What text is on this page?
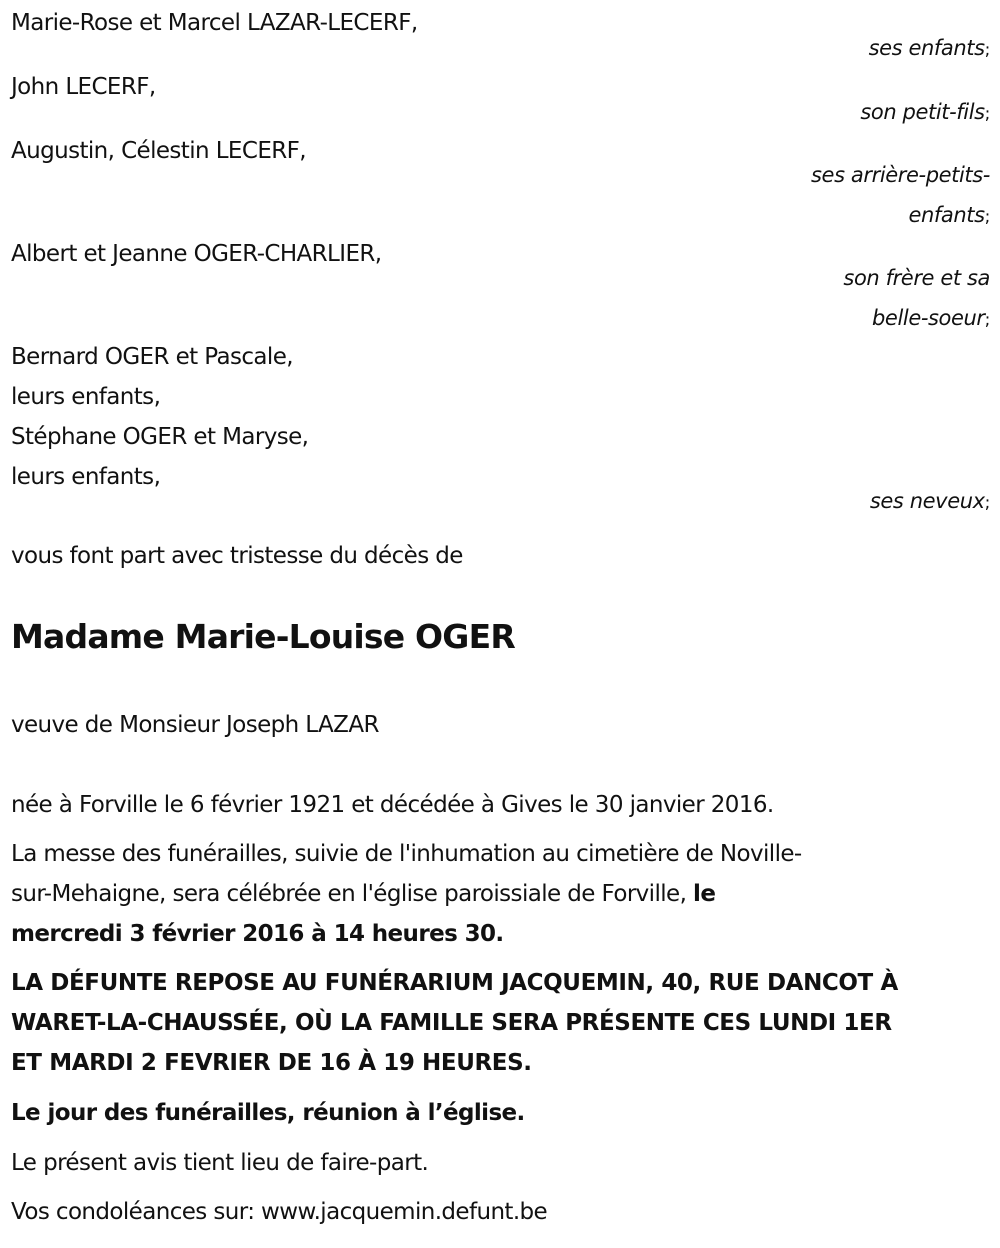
Marie-Rose et Marcel LAZAR-LECERF,
ses enfants;
John LECERF,
son petit-fils;
Augustin, Célestin LECERF,
ses arrière-petits-
enfants;
Albert et Jeanne OGER-CHARLIER,
son frère et sa
belle-soeur;
Bernard OGER et Pascale,
leurs enfants,
Stéphane OGER et Maryse,
leurs enfants,
ses neveux;
vous font part avec tristesse du décès de
Madame Marie-Louise OGER
veuve de Monsieur Joseph LAZAR
née à Forville le 6 février 1921 et décédée à Gives le 30 janvier 2016.
La messe des funérailles, suivie de l'inhumation au cimetière de Noville-
sur-Mehaigne, sera célébrée en l'église paroissiale de Forville, le
mercredi 3 février 2016 à 14 heures 30.
LA DÉFUNTE REPOSE AU FUNÉRARIUM JACQUEMIN, 40, RUE DANCOT À
WARET-LA-CHAUSSÉE, OÙ LA FAMILLE SERA PRÉSENTE CES LUNDI 1ER
ET MARDI 2 FEVRIER DE 16 À 19 HEURES.
Le jour des funérailles, réunion à l’église.
Le présent avis tient lieu de faire-part.
Vos condoléances sur: www.jacquemin.defunt.be
